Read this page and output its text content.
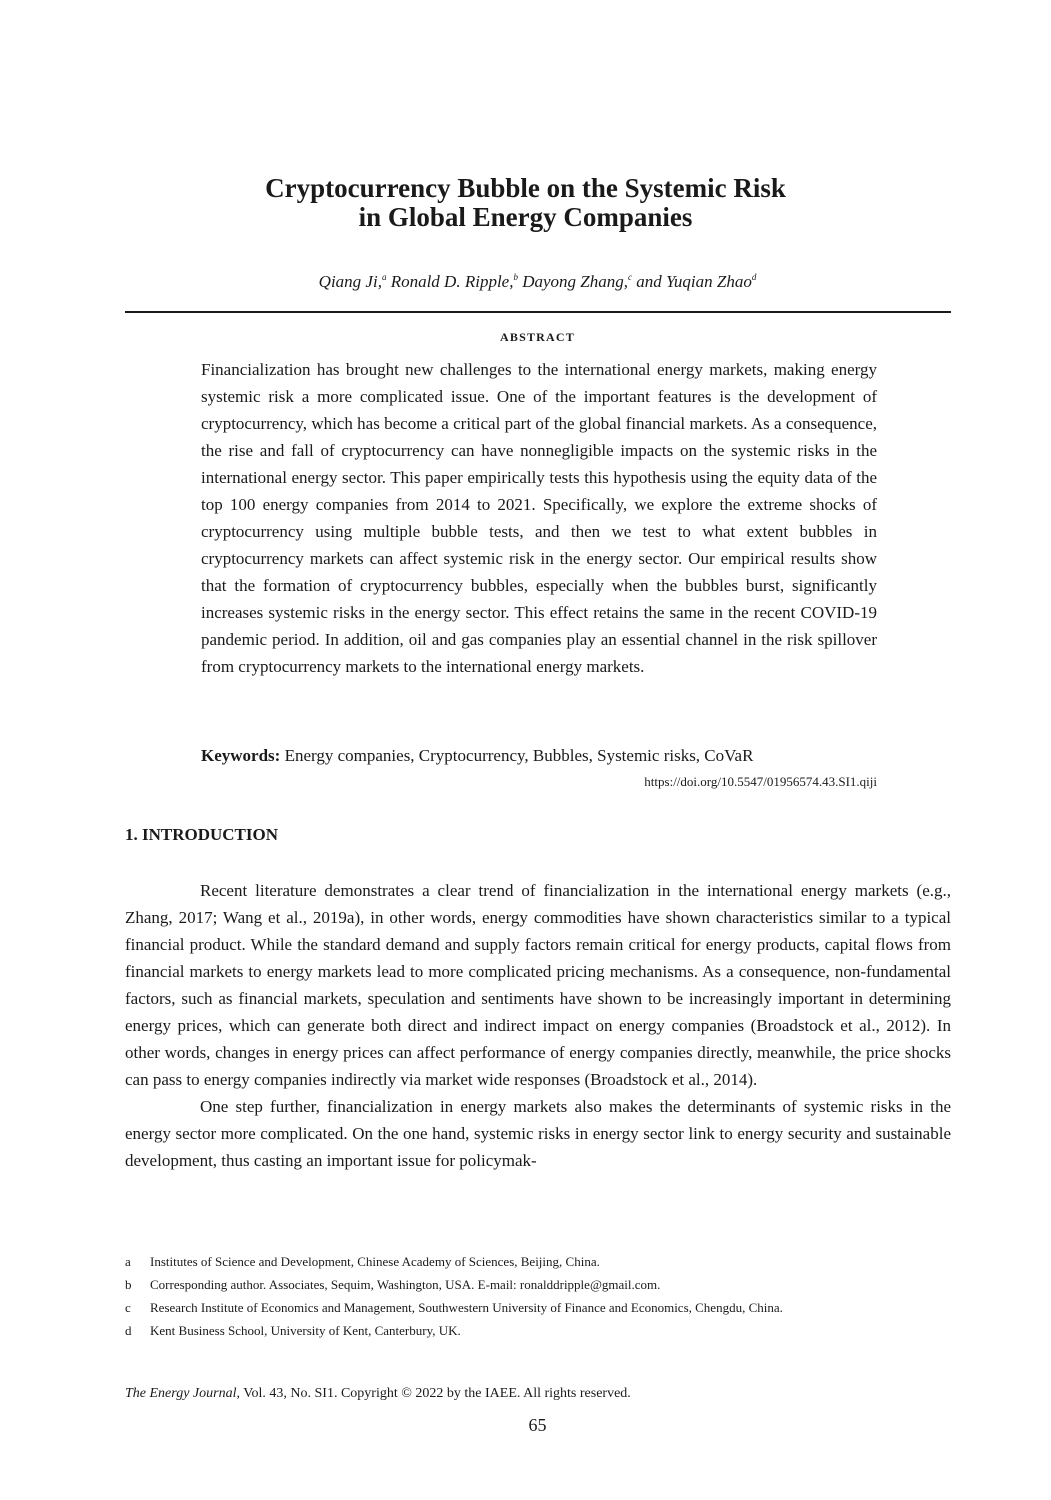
Cryptocurrency Bubble on the Systemic Risk
in Global Energy Companies
Qiang Ji,$^a$ Ronald D. Ripple,$^b$ Dayong Zhang,$^c$ and Yuqian Zhao$^d$
ABSTRACT

Financialization has brought new challenges to the international energy markets, making energy systemic risk a more complicated issue. One of the important features is the development of cryptocurrency, which has become a critical part of the global financial markets. As a consequence, the rise and fall of cryptocurrency can have nonnegligible impacts on the systemic risks in the international energy sector. This paper empirically tests this hypothesis using the equity data of the top 100 energy companies from 2014 to 2021. Specifically, we explore the extreme shocks of cryptocurrency using multiple bubble tests, and then we test to what extent bubbles in cryptocurrency markets can affect systemic risk in the energy sector. Our empirical results show that the formation of cryptocurrency bubbles, especially when the bubbles burst, significantly increases systemic risks in the energy sector. This effect retains the same in the recent COVID-19 pandemic period. In addition, oil and gas companies play an essential channel in the risk spillover from cryptocurrency markets to the international energy markets.

Keywords: Energy companies, Cryptocurrency, Bubbles, Systemic risks, CoVaR

https://doi.org/10.5547/01956574.43.SI1.qiji
1. INTRODUCTION

Recent literature demonstrates a clear trend of financialization in the international energy markets (e.g., Zhang, 2017; Wang et al., 2019a), in other words, energy commodities have shown characteristics similar to a typical financial product. While the standard demand and supply factors remain critical for energy products, capital flows from financial markets to energy markets lead to more complicated pricing mechanisms. As a consequence, non-fundamental factors, such as financial markets, speculation and sentiments have shown to be increasingly important in determining energy prices, which can generate both direct and indirect impact on energy companies (Broadstock et al., 2012). In other words, changes in energy prices can affect performance of energy companies directly, meanwhile, the price shocks can pass to energy companies indirectly via market wide responses (Broadstock et al., 2014).

One step further, financialization in energy markets also makes the determinants of systemic risks in the energy sector more complicated. On the one hand, systemic risks in energy sector link to energy security and sustainable development, thus casting an important issue for policymak-

a	Institutes of Science and Development, Chinese Academy of Sciences, Beijing, China.
b	Corresponding author. Associates, Sequim, Washington, USA. E-mail: ronalddripple@gmail.com.
c	Research Institute of Economics and Management, Southwestern University of Finance and Economics, Chengdu, China.
d	Kent Business School, University of Kent, Canterbury, UK.
The Energy Journal, Vol. 43, No. SI1. Copyright © 2022 by the IAEE. All rights reserved.
65
